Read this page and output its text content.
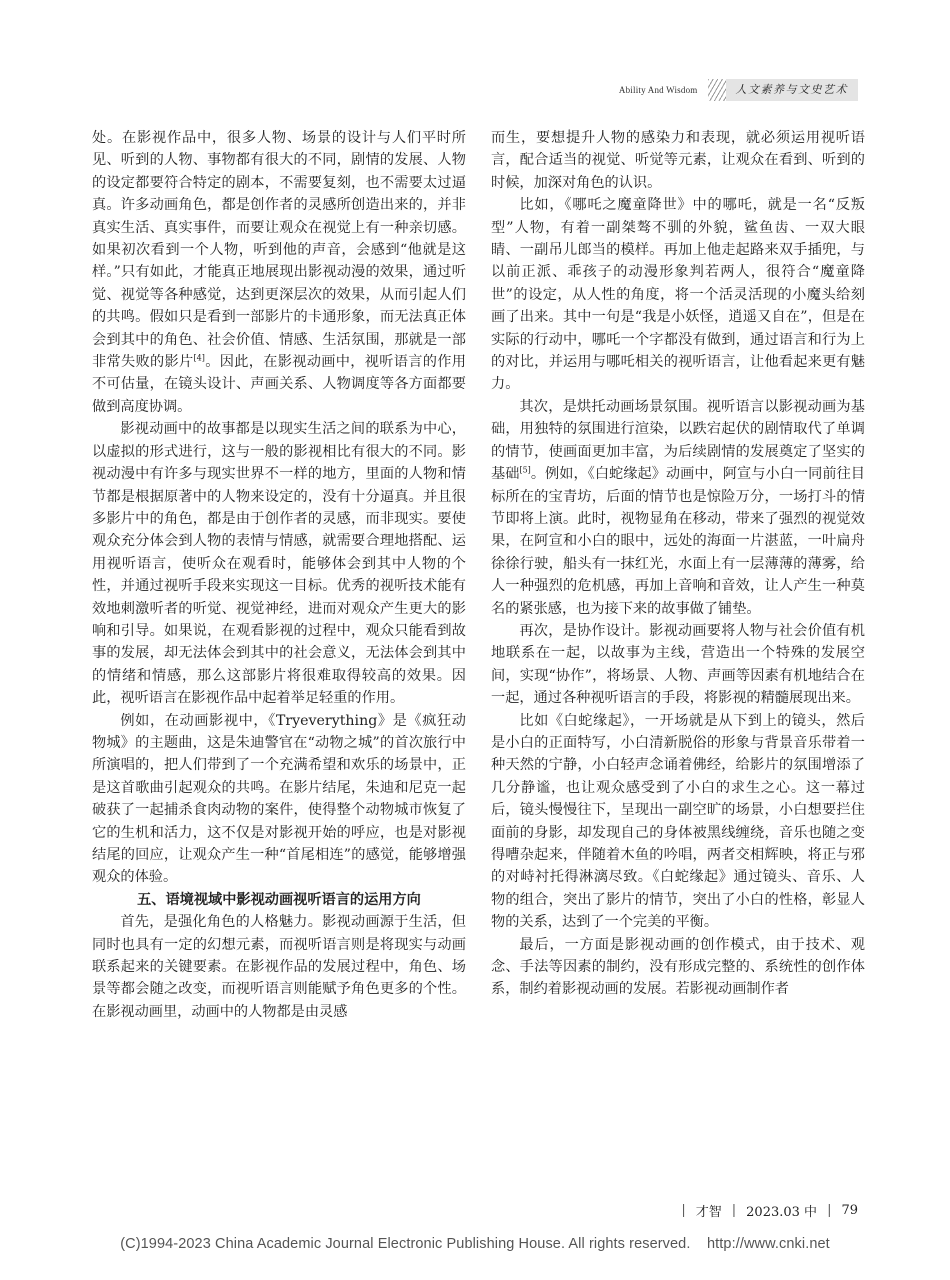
Ability And Wisdom	人文素养与文史艺术

处。在影视作品中，很多人物、场景的设计与人们平时所见、听到的人物、事物都有很大的不同，剧情的发展、人物的设定都要符合特定的剧本，不需要复刻，也不需要太过逼真。许多动画角色，都是创作者的灵感所创造出来的，并非真实生活、真实事件，而要让观众在视觉上有一种亲切感。如果初次看到一个人物，听到他的声音，会感到“他就是这样。”只有如此，才能真正地展现出影视动漫的效果，通过听觉、视觉等各种感觉，达到更深层次的效果，从而引起人们的共鸣。假如只是看到一部影片的卡通形象，而无法真正体会到其中的角色、社会价值、情感、生活氛围，那就是一部非常失败的影片[4]。因此，在影视动画中，视听语言的作用不可估量，在镜头设计、声画关系、人物调度等各方面都要做到高度协调。

影视动画中的故事都是以现实生活之间的联系为中心，以虚拟的形式进行，这与一般的影视相比有很大的不同。影视动漫中有许多与现实世界不一样的地方，里面的人物和情节都是根据原著中的人物来设定的，没有十分逼真。并且很多影片中的角色，都是由于创作者的灵感，而非现实。要使观众充分体会到人物的表情与情感，就需要合理地搭配、运用视听语言，使听众在观看时，能够体会到其中人物的个性，并通过视听手段来实现这一目标。优秀的视听技术能有效地刺激听者的听觉、视觉神经，进而对观众产生更大的影响和引导。如果说，在观看影视的过程中，观众只能看到故事的发展，却无法体会到其中的社会意义，无法体会到其中的情绪和情感，那么这部影片将很难取得较高的效果。因此，视听语言在影视作品中起着举足轻重的作用。

例如，在动画影视中，《Tryeverything》是《疯狂动物城》的主题曲，这是朱迪警官在“动物之城”的首次旅行中所演唱的，把人们带到了一个充满希望和欢乐的场景中，正是这首歌曲引起观众的共鸣。在影片结尾，朱迪和尼克一起破获了一起捕杀食肉动物的案件，使得整个动物城市恢复了它的生机和活力，这不仅是对影视开始的呼应，也是对影视结尾的回应，让观众产生一种“首尾相连”的感觉，能够增强观众的体验。

五、语境视域中影视动画视听语言的运用方向

首先，是强化角色的人格魅力。影视动画源于生活，但同时也具有一定的幻想元素，而视听语言则是将现实与动画联系起来的关键要素。在影视作品的发展过程中，角色、场景等都会随之改变，而视听语言则能赋予角色更多的个性。在影视动画里，动画中的人物都是由灵感

而生，要想提升人物的感染力和表现，就必须运用视听语言，配合适当的视觉、听觉等元素，让观众在看到、听到的时候，加深对角色的认识。

比如，《哪吒之魔童降世》中的哪吒，就是一名“反叛型”人物，有着一副桀骜不驯的外貌，鲨鱼齿、一双大眼睛、一副吊儿郎当的模样。再加上他走起路来双手插兜，与以前正派、乖孩子的动漫形象判若两人，很符合“魔童降世”的设定，从人性的角度，将一个活灵活现的小魔头给刻画了出来。其中一句是“我是小妖怪，逍遥又自在”，但是在实际的行动中，哪吒一个字都没有做到，通过语言和行为上的对比，并运用与哪吒相关的视听语言，让他看起来更有魅力。

其次，是烘托动画场景氛围。视听语言以影视动画为基础，用独特的氛围进行渲染，以跌宕起伏的剧情取代了单调的情节，使画面更加丰富，为后续剧情的发展奠定了坚实的基础[5]。例如，《白蛇缘起》动画中，阿宣与小白一同前往目标所在的宝青坊，后面的情节也是惊险万分，一场打斗的情节即将上演。此时，视物显角在移动，带来了强烈的视觉效果，在阿宣和小白的眼中，远处的海面一片湛蓝，一叶扁舟徐徐行驶，船头有一抹红光，水面上有一层薄薄的薄雾，给人一种强烈的危机感，再加上音响和音效，让人产生一种莫名的紧张感，也为接下来的故事做了铺垫。

再次，是协作设计。影视动画要将人物与社会价值有机地联系在一起，以故事为主线，营造出一个特殊的发展空间，实现“协作”，将场景、人物、声画等因素有机地结合在一起，通过各种视听语言的手段，将影视的精髓展现出来。

比如《白蛇缘起》，一开场就是从下到上的镜头，然后是小白的正面特写，小白清新脱俗的形象与背景音乐带着一种天然的宁静，小白轻声念诵着佛经，给影片的氛围增添了几分静谧，也让观众感受到了小白的求生之心。这一幕过后，镜头慢慢往下，呈现出一副空旷的场景，小白想要拦住面前的身影，却发现自己的身体被黑线缠绕，音乐也随之变得嘈杂起来，伴随着木鱼的吟唱，两者交相辉映，将正与邪的对峙衬托得淋漓尽致。《白蛇缘起》通过镜头、音乐、人物的组合，突出了影片的情节，突出了小白的性格，彰显人物的关系，达到了一个完美的平衡。

最后，一方面是影视动画的创作模式，由于技术、观念、手法等因素的制约，没有形成完整的、系统性的创作体系，制约着影视动画的发展。若影视动画制作者

| 才智 | 2023.03 中 | 79
(C)1994-2023 China Academic Journal Electronic Publishing House. All rights reserved.    http://www.cnki.net
